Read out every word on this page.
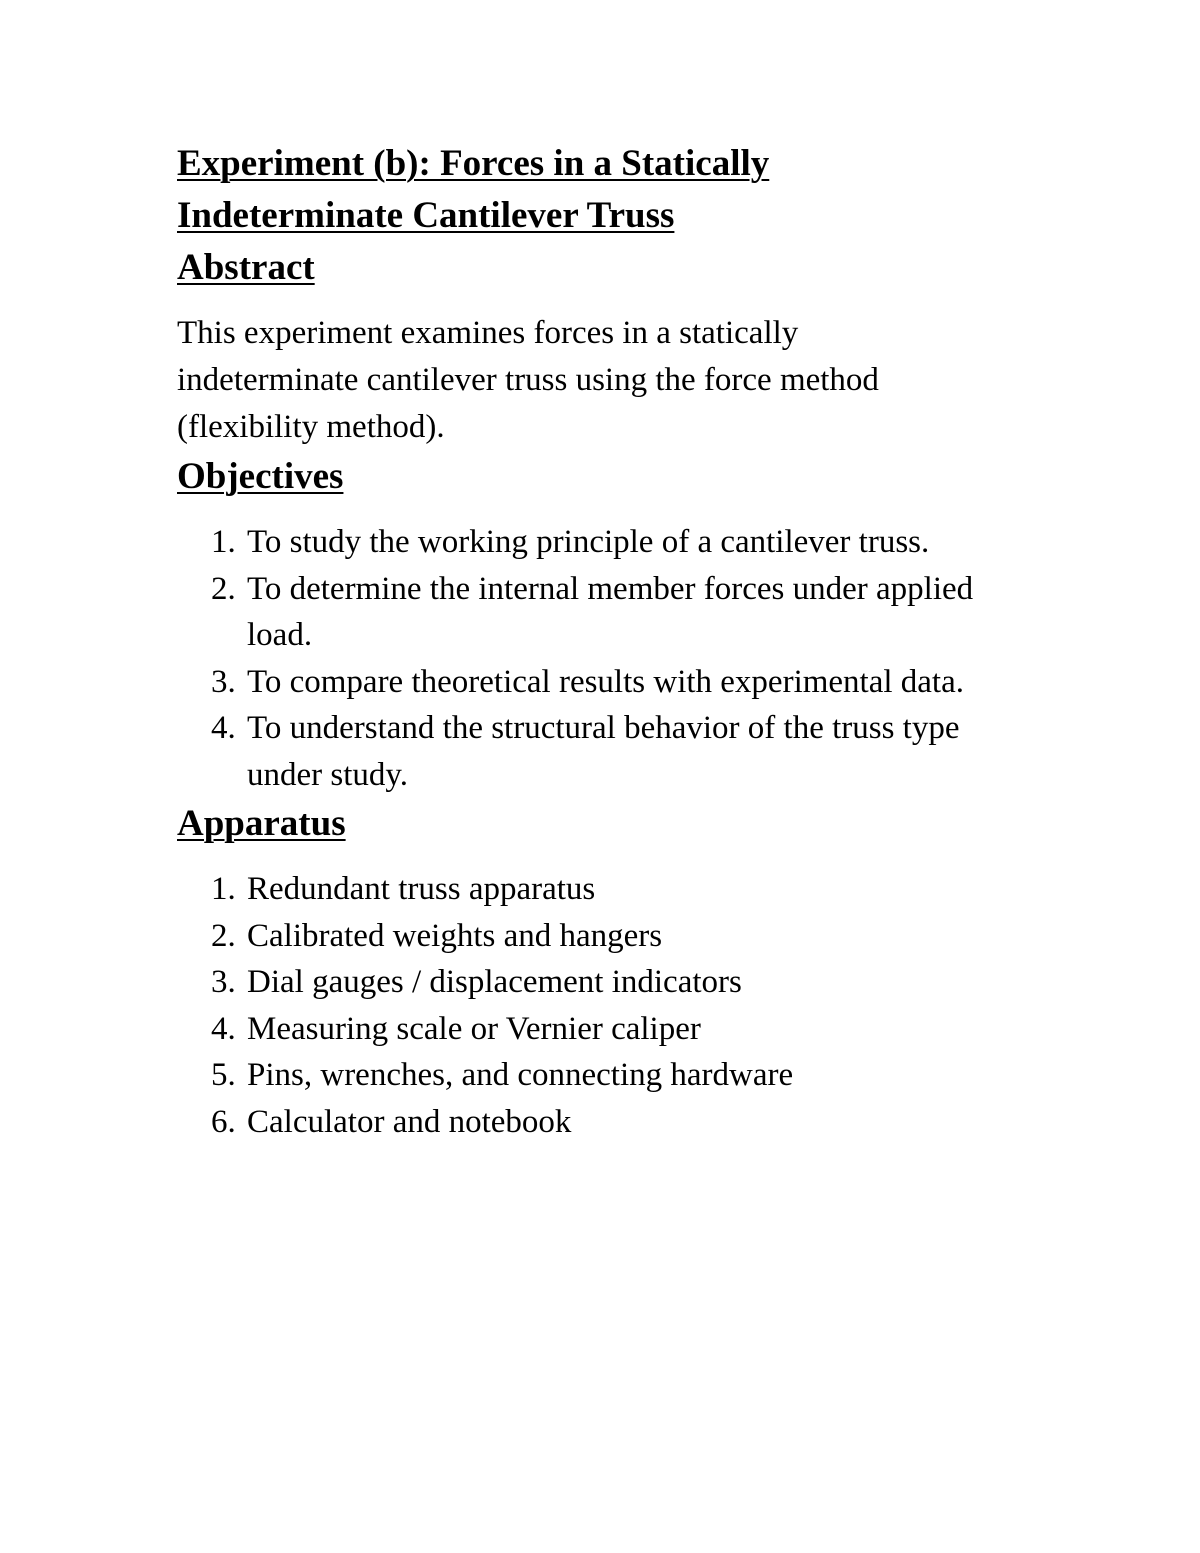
Experiment (b): Forces in a Statically
Indeterminate Cantilever Truss
Abstract

This experiment examines forces in a statically indeterminate cantilever truss using the force method (flexibility method).

Objectives
1. To study the working principle of a cantilever truss.
2. To determine the internal member forces under applied load.
3. To compare theoretical results with experimental data.
4. To understand the structural behavior of the truss type under study.
Apparatus
1. Redundant truss apparatus
2. Calibrated weights and hangers
3. Dial gauges / displacement indicators
4. Measuring scale or Vernier caliper
5. Pins, wrenches, and connecting hardware
6. Calculator and notebook
